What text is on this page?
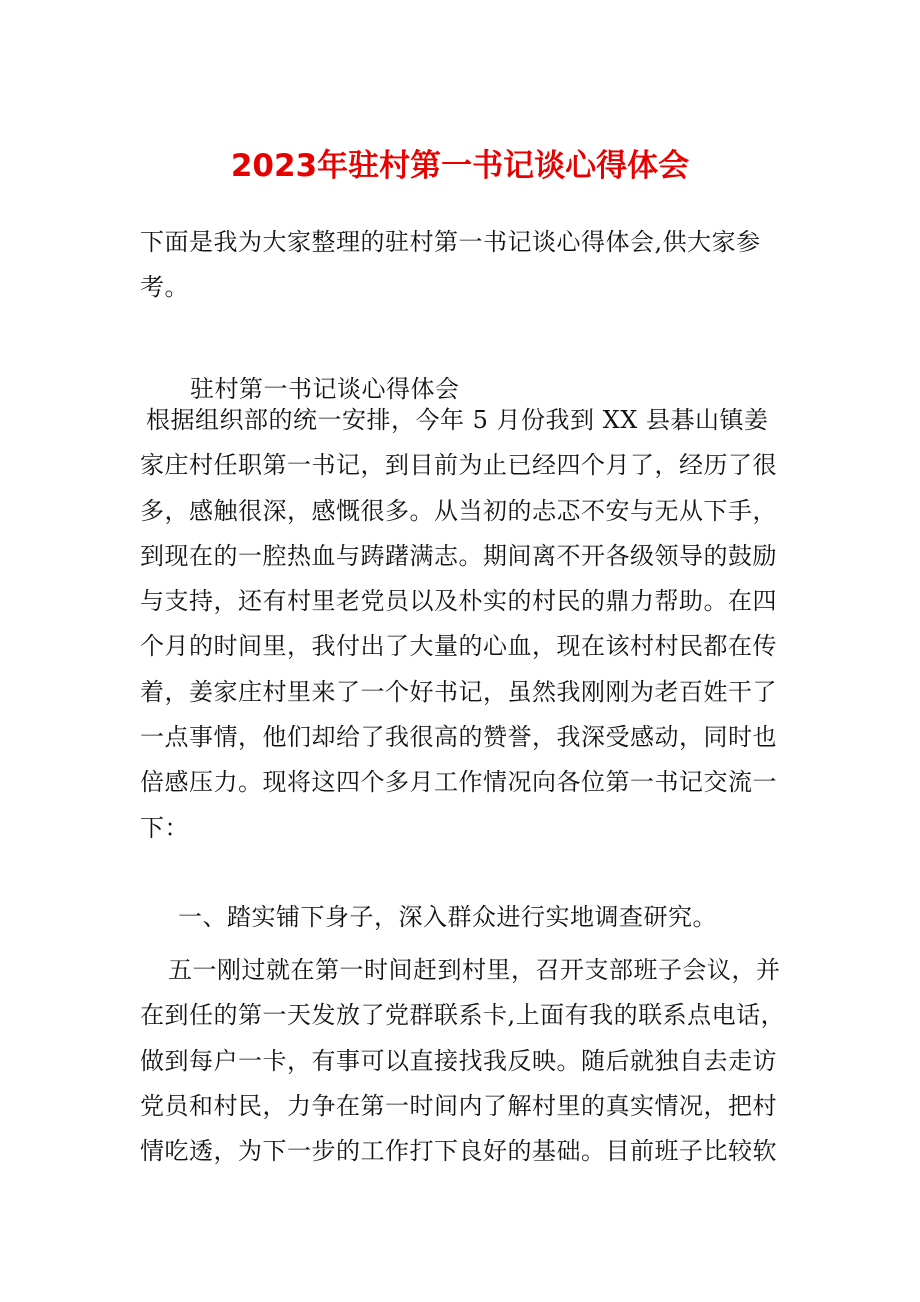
2023年驻村第一书记谈心得体会
下面是我为大家整理的驻村第一书记谈心得体会,供大家参
考。
驻村第一书记谈心得体会
根据组织部的统一安排，今年 5 月份我到 XX 县碁山镇姜
家庄村任职第一书记，到目前为止已经四个月了，经历了很
多，感触很深，感慨很多。从当初的忐忑不安与无从下手，
到现在的一腔热血与踌躇满志。期间离不开各级领导的鼓励
与支持，还有村里老党员以及朴实的村民的鼎力帮助。在四
个月的时间里，我付出了大量的心血，现在该村村民都在传
着，姜家庄村里来了一个好书记，虽然我刚刚为老百姓干了
一点事情，他们却给了我很高的赞誉，我深受感动，同时也
倍感压力。现将这四个多月工作情况向各位第一书记交流一
下：
一、踏实铺下身子，深入群众进行实地调查研究。
五一刚过就在第一时间赶到村里，召开支部班子会议，并
在到任的第一天发放了党群联系卡,上面有我的联系点电话，
做到每户一卡，有事可以直接找我反映。随后就独自去走访
党员和村民，力争在第一时间内了解村里的真实情况，把村
情吃透，为下一步的工作打下良好的基础。目前班子比较软
